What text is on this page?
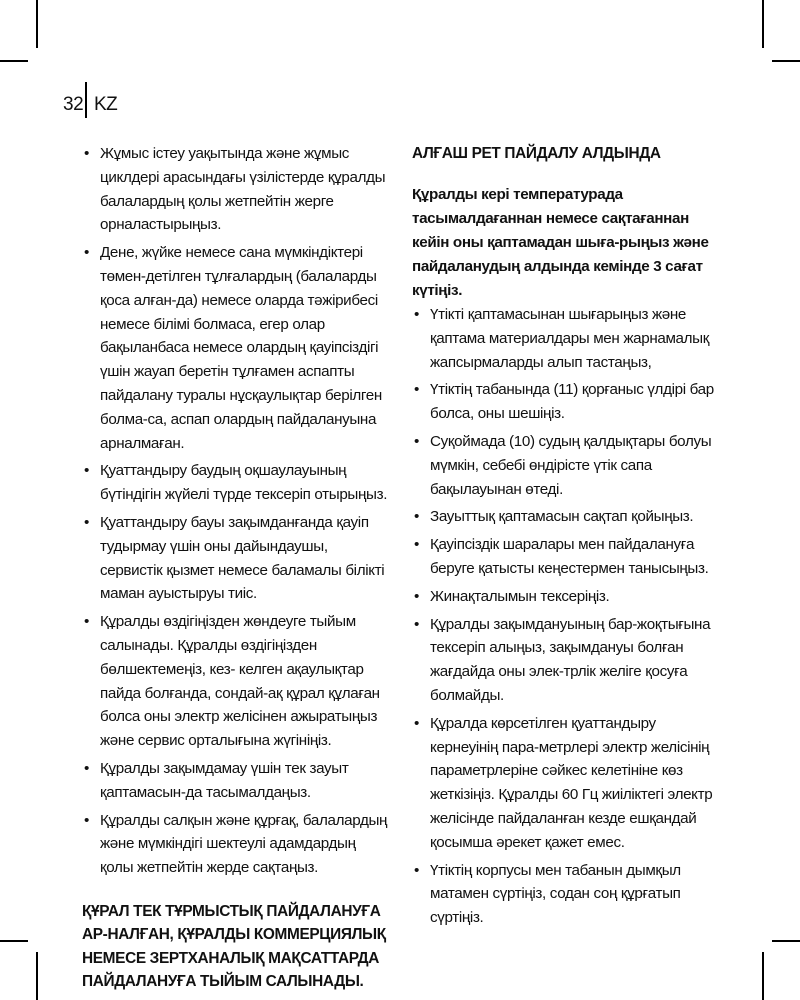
32 KZ
• Жұмыс істеу уақытында және жұмыс циклдері арасындағы үзілістерде құралды балалардың қолы жетпейтін жерге орналастырыңыз.
• Дене, жүйке немесе сана мүмкіндіктері төмен-детілген тұлғалардың (балаларды қоса алған-да) немесе оларда тәжірибесі немесе білімі болмаса, егер олар бақыланбаса немесе олардың қауіпсіздігі үшін жауап беретін тұлғамен аспапты пайдалану туралы нұсқаулықтар берілген болма-са, аспап олардың пайдалануына арналмаған.
• Қуаттандыру баудың оқшаулауының бүтіндігін жүйелі түрде тексеріп отырыңыз.
• Қуаттандыру бауы зақымданғанда қауіп тудырмау үшін оны дайындаушы, сервистік қызмет немесе баламалы білікті маман ауыстыруы тиіс.
• Құралды өздігіңізден жөндеуге тыйым салынады. Құралды өздігіңізден бөлшектемеңіз, кез- келген ақаулықтар пайда болғанда, сондай-ақ құрал құлаған болса оны электр желісінен ажыратыңыз және сервис орталығына жүгініңіз.
• Құралды зақымдамау үшін тек зауыт қаптамасын-да тасымалдаңыз.
• Құралды салқын және құрғақ, балалардың және мүмкіндігі шектеулі адамдардың қолы жетпейтін жерде сақтаңыз.

ҚҰРАЛ ТЕК ТҰРМЫСТЫҚ ПАЙДАЛАНУҒА АР-НАЛҒАН, ҚҰРАЛДЫ КОММЕРЦИЯЛЫҚ НЕМЕСЕ ЗЕРТХАНАЛЫҚ МАҚСАТТАРДА ПАЙДАЛАНУҒА ТЫЙЫМ САЛЫНАДЫ.

АЛҒАШ РЕТ ПАЙДАЛУ АЛДЫНДА

Құралды кері температурада тасымалдағаннан немесе сақтағаннан кейін оны қаптамадан шыға-рыңыз және пайдаланудың алдында кемінде 3 сағат күтіңіз.

• Үтікті қаптамасынан шығарыңыз және қаптама материалдары мен жарнамалық жапсырмаларды алып тастаңыз,
• Үтіктің табанында (11) қорғаныс үлдірі бар болса, оны шешіңіз.
• Суқоймада (10) судың қалдықтары болуы мүмкін, себебі өндірісте үтік сапа бақылауынан өтеді.
• Зауыттық қаптамасын сақтап қойыңыз.
• Қауіпсіздік шаралары мен пайдалануға беруге қатысты кеңестермен танысыңыз.
• Жинақталымын тексеріңіз.
• Құралды зақымдануының бар-жоқтығына тексеріп алыңыз, зақымдануы болған жағдайда оны элек-трлік желіге қосуға болмайды.
• Құралда көрсетілген қуаттандыру кернеуінің пара-метрлері электр желісінің параметрлеріне сәйкес келетініне көз жеткізіңіз. Құралды 60 Гц жиіліктегі электр желісінде пайдаланған кезде ешқандай қосымша әрекет қажет емес.
• Үтіктің корпусы мен табанын дымқыл матамен сүртіңіз, содан соң құрғатып сүртіңіз.
